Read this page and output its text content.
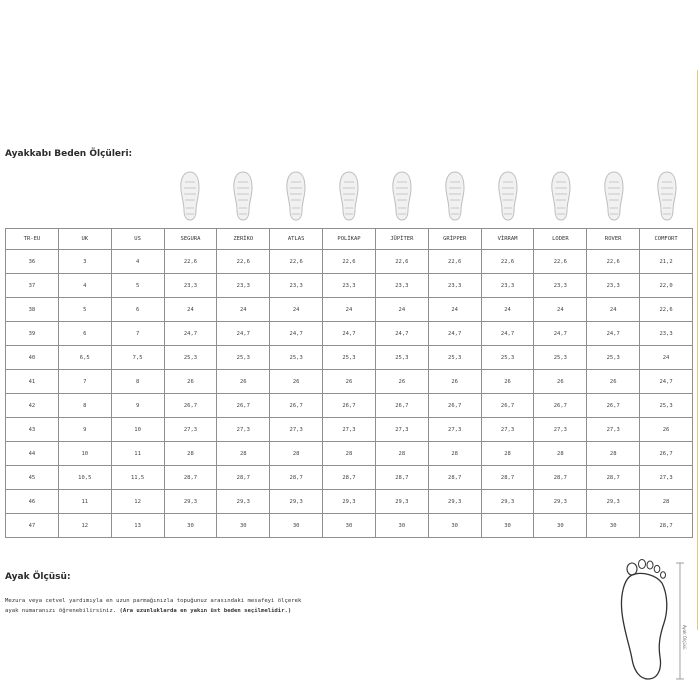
Ayakkabı Beden Ölçüleri:
TR-EU	UK	US	SEGURA	ZERİKO	ATLAS	POLİKAP	JÜPİTER	GRİPPER	VİRRAM	LODER	ROVER	COMFORT
36	3	4	22,6	22,6	22,6	22,6	22,6	22,6	22,6	22,6	22,6	21,2
37	4	5	23,3	23,3	23,3	23,3	23,3	23,3	23,3	23,3	23,3	22,0
38	5	6	24	24	24	24	24	24	24	24	24	22,6
39	6	7	24,7	24,7	24,7	24,7	24,7	24,7	24,7	24,7	24,7	23,3
40	6,5	7,5	25,3	25,3	25,3	25,3	25,3	25,3	25,3	25,3	25,3	24
41	7	8	26	26	26	26	26	26	26	26	26	24,7
42	8	9	26,7	26,7	26,7	26,7	26,7	26,7	26,7	26,7	26,7	25,3
43	9	10	27,3	27,3	27,3	27,3	27,3	27,3	27,3	27,3	27,3	26
44	10	11	28	28	28	28	28	28	28	28	28	26,7
45	10,5	11,5	28,7	28,7	28,7	28,7	28,7	28,7	28,7	28,7	28,7	27,3
46	11	12	29,3	29,3	29,3	29,3	29,3	29,3	29,3	29,3	29,3	28
47	12	13	30	30	30	30	30	30	30	30	30	28,7
Ayak Ölçüsü:
Mezura veya cetvel yardımıyla en uzun parmağınızla topuğunuz arasındaki mesafeyi ölçerek ayak numaranızı öğrenebilirsiniz. (Ara uzunluklarda en yakın üst beden seçilmelidir.)
Ayak Ölçüsü
